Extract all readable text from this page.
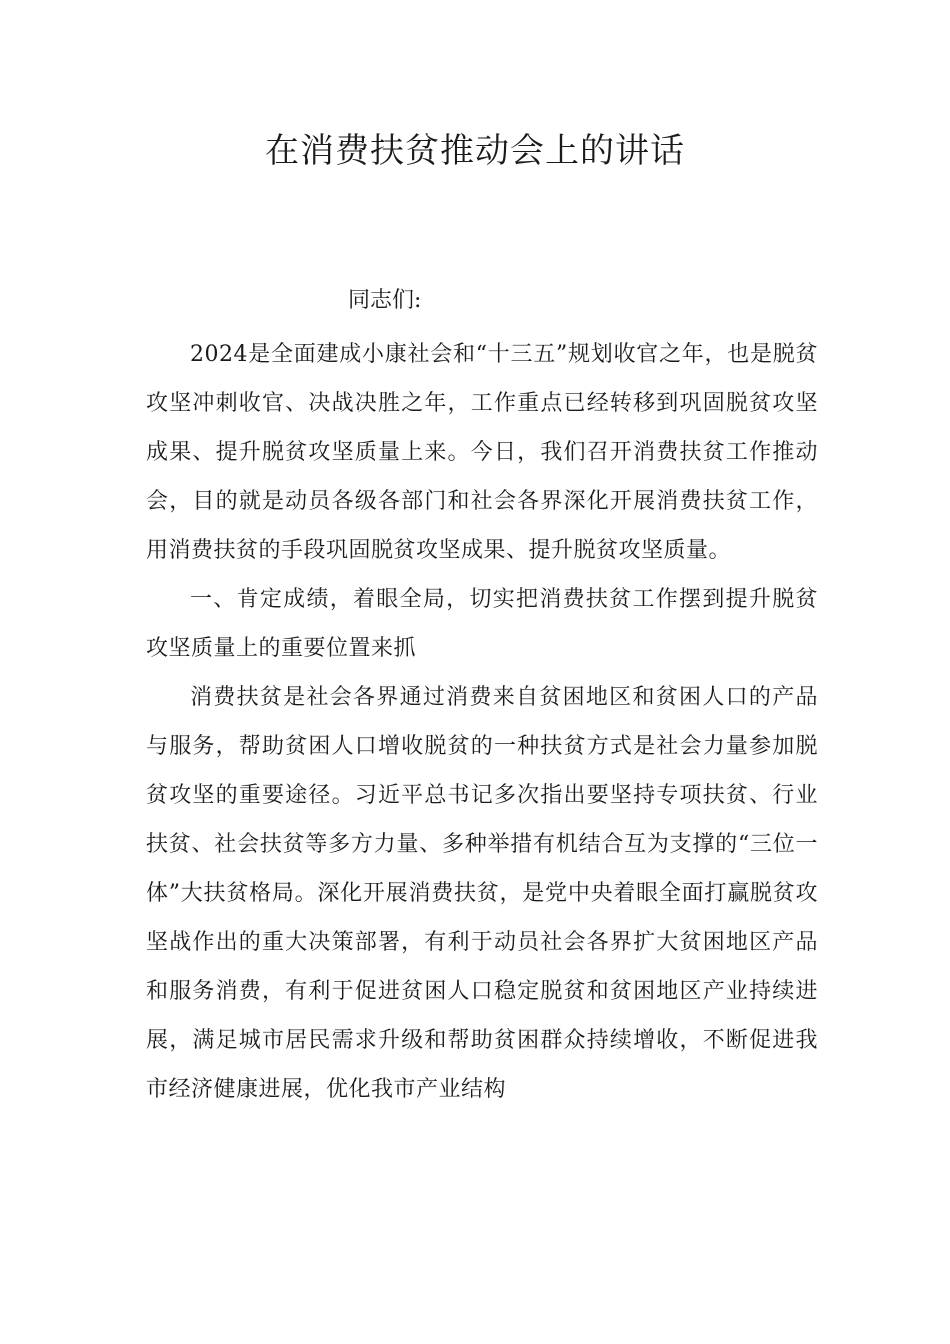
在消费扶贫推动会上的讲话

同志们:

2024是全面建成小康社会和“十三五”规划收官之年，也是脱贫攻坚冲刺收官、决战决胜之年，工作重点已经转移到巩固脱贫攻坚成果、提升脱贫攻坚质量上来。今日，我们召开消费扶贫工作推动会，目的就是动员各级各部门和社会各界深化开展消费扶贫工作，用消费扶贫的手段巩固脱贫攻坚成果、提升脱贫攻坚质量。

一、肯定成绩，着眼全局，切实把消费扶贫工作摆到提升脱贫攻坚质量上的重要位置来抓

消费扶贫是社会各界通过消费来自贫困地区和贫困人口的产品与服务，帮助贫困人口增收脱贫的一种扶贫方式是社会力量参加脱贫攻坚的重要途径。习近平总书记多次指出要坚持专项扶贫、行业扶贫、社会扶贫等多方力量、多种举措有机结合互为支撑的“三位一体”大扶贫格局。深化开展消费扶贫，是党中央着眼全面打赢脱贫攻坚战作出的重大决策部署，有利于动员社会各界扩大贫困地区产品和服务消费，有利于促进贫困人口稳定脱贫和贫困地区产业持续进展，满足城市居民需求升级和帮助贫困群众持续增收，不断促进我市经济健康进展，优化我市产业结构
